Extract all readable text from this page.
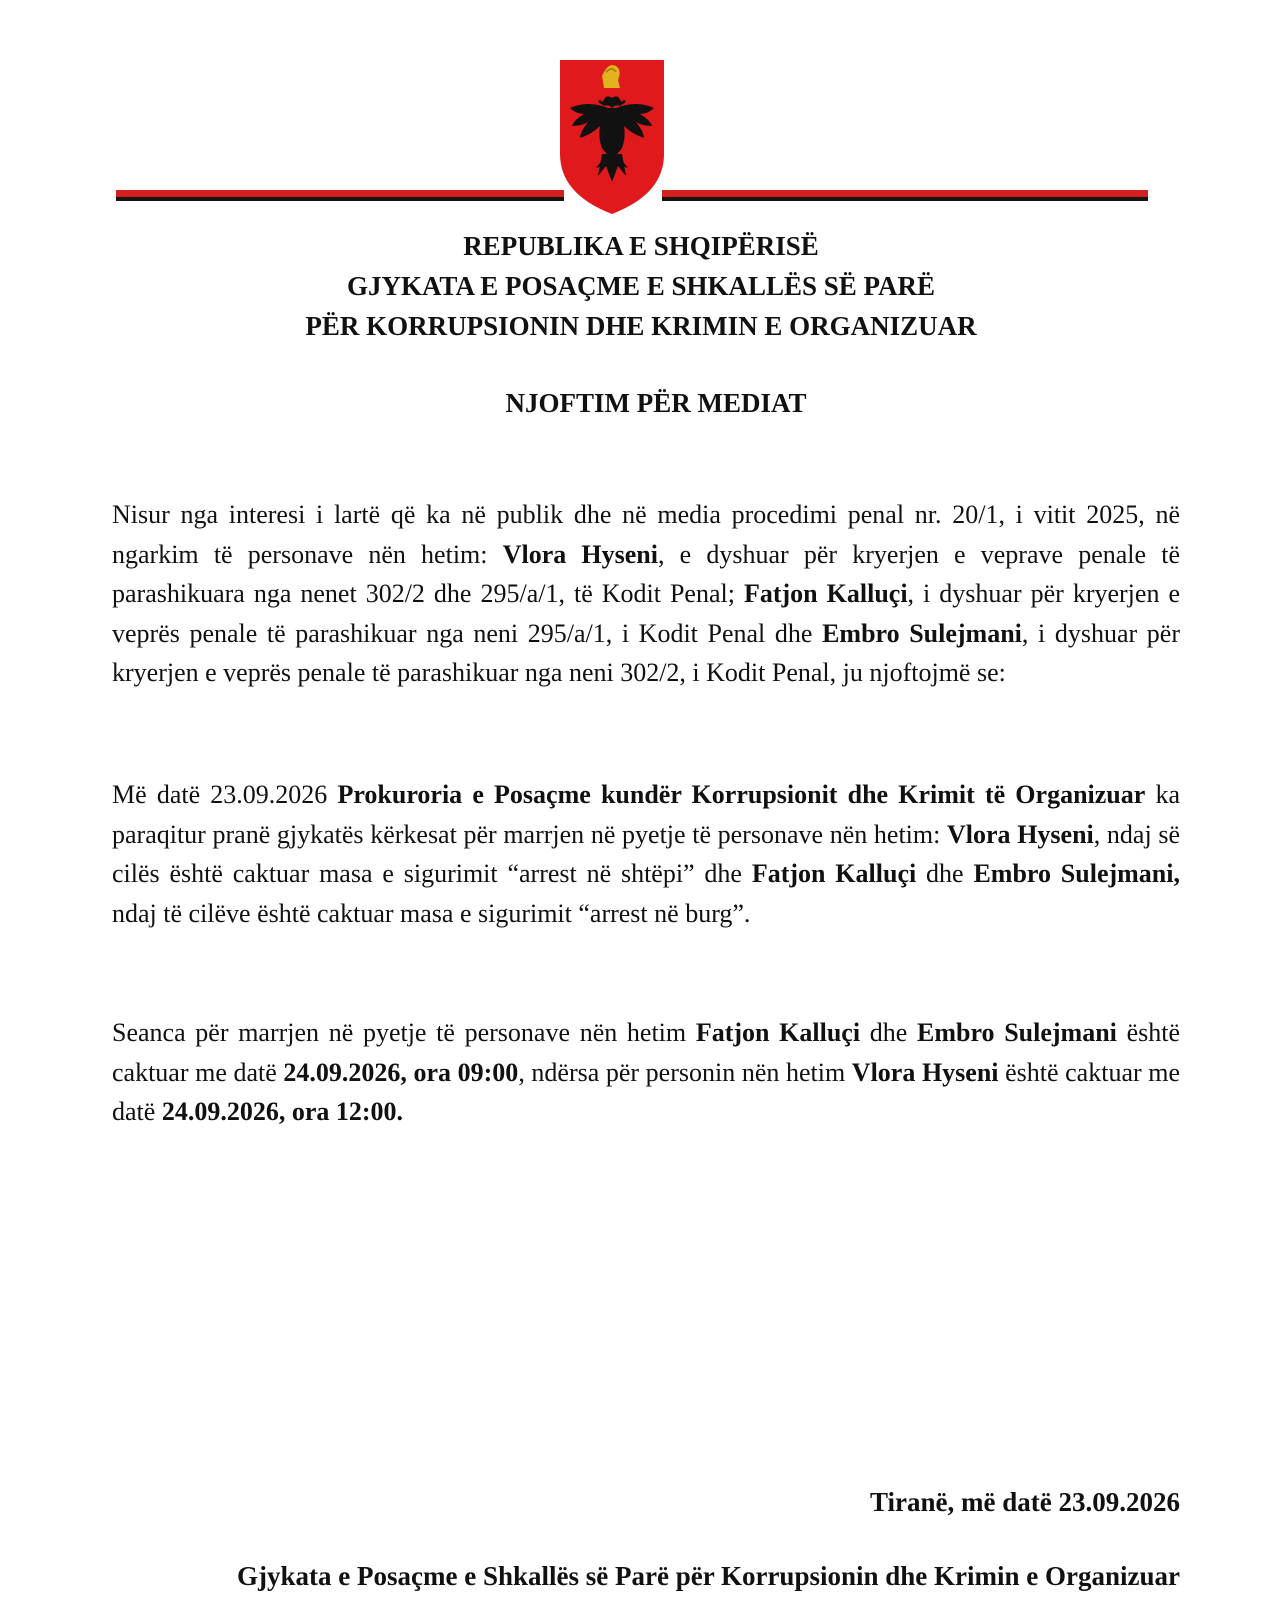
REPUBLIKA E SHQIPËRISË
GJYKATA E POSAÇME E SHKALLËS SË PARË
PËR KORRUPSIONIN DHE KRIMIN E ORGANIZUAR
NJOFTIM PËR MEDIAT
Nisur nga interesi i lartë që ka në publik dhe në media procedimi penal nr. 20/1, i vitit 2025, në ngarkim të personave nën hetim: Vlora Hyseni, e dyshuar për kryerjen e veprave penale të parashikuara nga nenet 302/2 dhe 295/a/1, të Kodit Penal; Fatjon Kalluçi, i dyshuar për kryerjen e veprës penale të parashikuar nga neni 295/a/1, i Kodit Penal dhe Embro Sulejmani, i dyshuar për kryerjen e veprës penale të parashikuar nga neni 302/2, i Kodit Penal, ju njoftojmë se:
Më datë 23.09.2026 Prokuroria e Posaçme kundër Korrupsionit dhe Krimit të Organizuar ka paraqitur pranë gjykatës kërkesat për marrjen në pyetje të personave nën hetim: Vlora Hyseni, ndaj së cilës është caktuar masa e sigurimit “arrest në shtëpi” dhe Fatjon Kalluçi dhe Embro Sulejmani, ndaj të cilëve është caktuar masa e sigurimit “arrest në burg”.
Seanca për marrjen në pyetje të personave nën hetim Fatjon Kalluçi dhe Embro Sulejmani është caktuar me datë 24.09.2026, ora 09:00, ndërsa për personin nën hetim Vlora Hyseni është caktuar me datë 24.09.2026, ora 12:00.
Tiranë, më datë 23.09.2026
Gjykata e Posaçme e Shkallës së Parë për Korrupsionin dhe Krimin e Organizuar
